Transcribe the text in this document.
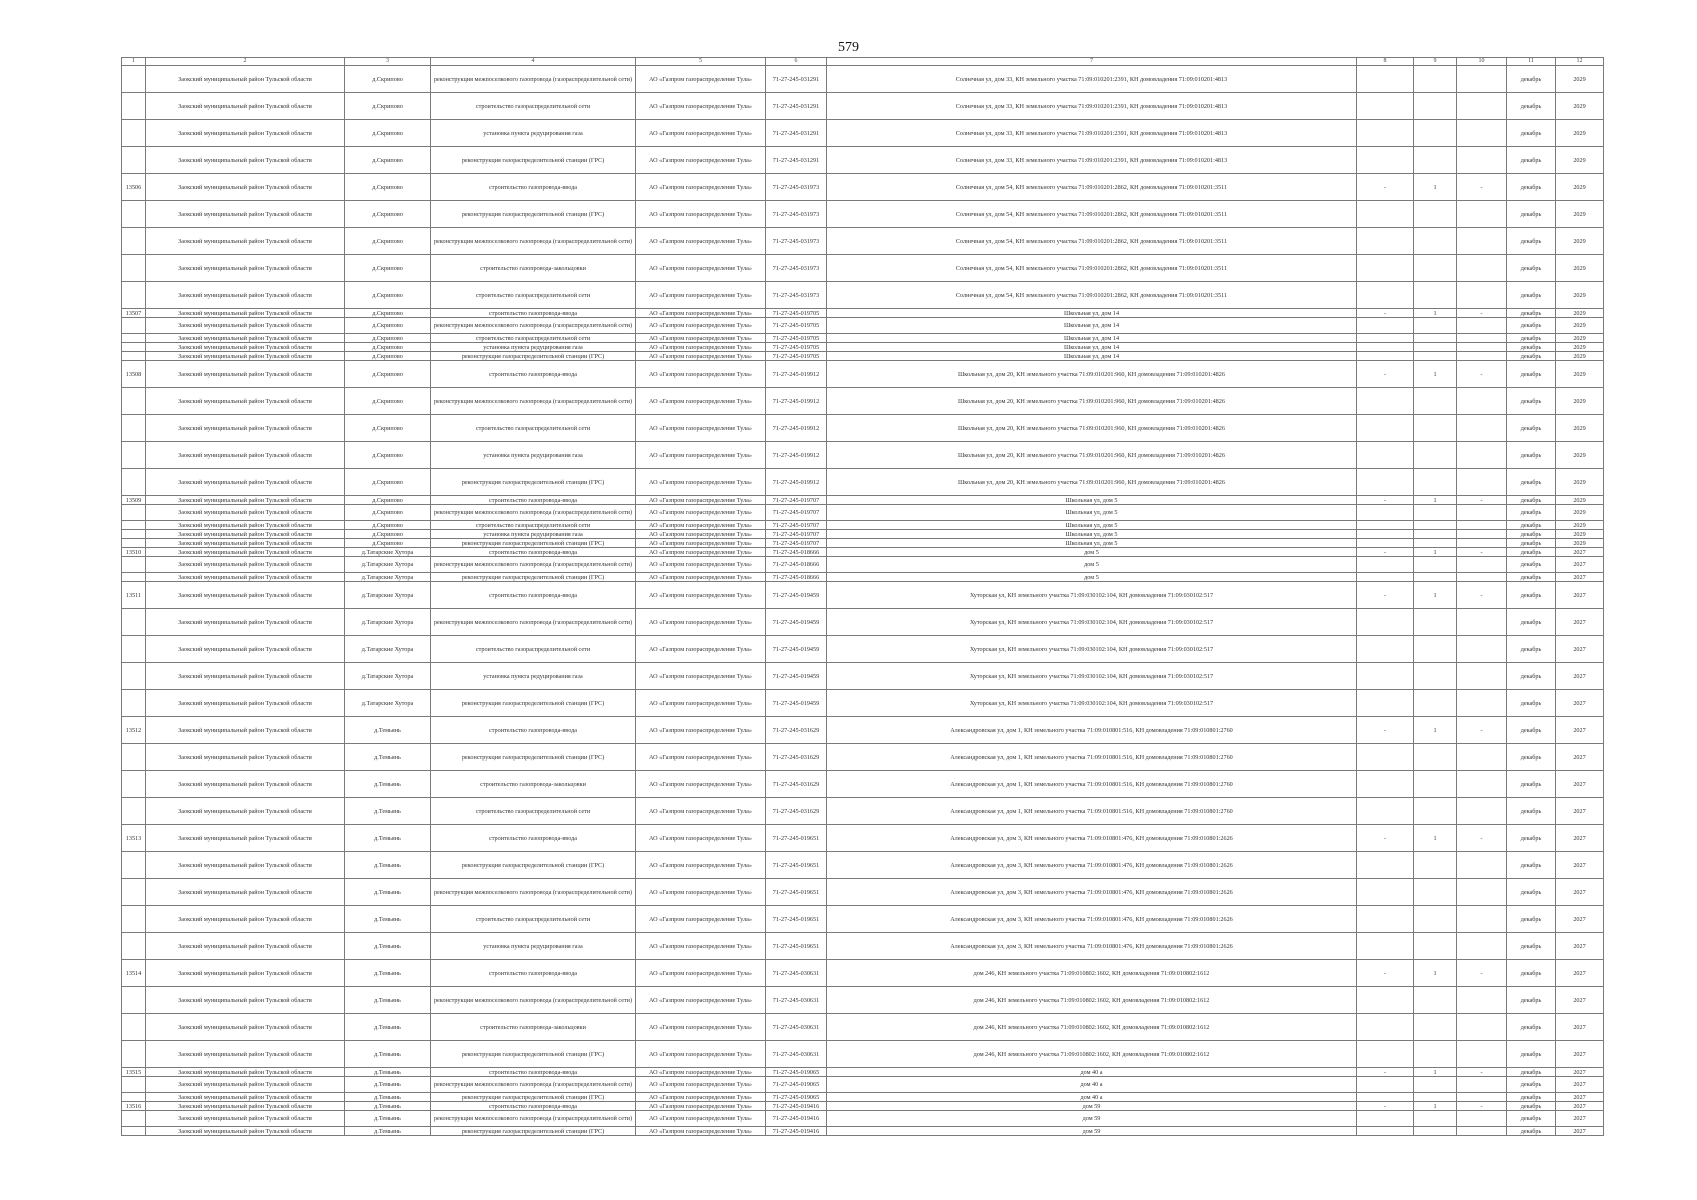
579
1	2	3	4	5	6	7	8	9	10	11	12
	Заокский муниципальный район Тульской области	д.Скрипово	реконструкция межпоселкового газопровода (газораспределительной сети)	АО «Газпром газораспределение Тула»	71-27-245-031291	Солнечная ул, дом 33, КН земельного участка 71:09:010201:2391, КН домовладения 71:09:010201:4813				декабрь	2029
	Заокский муниципальный район Тульской области	д.Скрипово	строительство газораспределительной сети	АО «Газпром газораспределение Тула»	71-27-245-031291	Солнечная ул, дом 33, КН земельного участка 71:09:010201:2391, КН домовладения 71:09:010201:4813				декабрь	2029
	Заокский муниципальный район Тульской области	д.Скрипово	установка пункта редуцирования газа	АО «Газпром газораспределение Тула»	71-27-245-031291	Солнечная ул, дом 33, КН земельного участка 71:09:010201:2391, КН домовладения 71:09:010201:4813				декабрь	2029
	Заокский муниципальный район Тульской области	д.Скрипово	реконструкция газораспределительной станции (ГРС)	АО «Газпром газораспределение Тула»	71-27-245-031291	Солнечная ул, дом 33, КН земельного участка 71:09:010201:2391, КН домовладения 71:09:010201:4813				декабрь	2029
13506	Заокский муниципальный район Тульской области	д.Скрипово	строительство газопровода-ввода	АО «Газпром газораспределение Тула»	71-27-245-031973	Солнечная ул, дом 54, КН земельного участка 71:09:010201:2862, КН домовладения 71:09:010201:3511	-	1	-	декабрь	2029
	Заокский муниципальный район Тульской области	д.Скрипово	реконструкция газораспределительной станции (ГРС)	АО «Газпром газораспределение Тула»	71-27-245-031973	Солнечная ул, дом 54, КН земельного участка 71:09:010201:2862, КН домовладения 71:09:010201:3511				декабрь	2029
	Заокский муниципальный район Тульской области	д.Скрипово	реконструкция межпоселкового газопровода (газораспределительной сети)	АО «Газпром газораспределение Тула»	71-27-245-031973	Солнечная ул, дом 54, КН земельного участка 71:09:010201:2862, КН домовладения 71:09:010201:3511				декабрь	2029
	Заокский муниципальный район Тульской области	д.Скрипово	строительство газопровода-закольцовки	АО «Газпром газораспределение Тула»	71-27-245-031973	Солнечная ул, дом 54, КН земельного участка 71:09:010201:2862, КН домовладения 71:09:010201:3511				декабрь	2029
	Заокский муниципальный район Тульской области	д.Скрипово	строительство газораспределительной сети	АО «Газпром газораспределение Тула»	71-27-245-031973	Солнечная ул, дом 54, КН земельного участка 71:09:010201:2862, КН домовладения 71:09:010201:3511				декабрь	2029
13507	Заокский муниципальный район Тульской области	д.Скрипово	строительство газопровода-ввода	АО «Газпром газораспределение Тула»	71-27-245-019705	Школьная ул, дом 14	-	1	-	декабрь	2029
	Заокский муниципальный район Тульской области	д.Скрипово	реконструкция межпоселкового газопровода (газораспределительной сети)	АО «Газпром газораспределение Тула»	71-27-245-019705	Школьная ул, дом 14				декабрь	2029
	Заокский муниципальный район Тульской области	д.Скрипово	строительство газораспределительной сети	АО «Газпром газораспределение Тула»	71-27-245-019705	Школьная ул, дом 14				декабрь	2029
	Заокский муниципальный район Тульской области	д.Скрипово	установка пункта редуцирования газа	АО «Газпром газораспределение Тула»	71-27-245-019705	Школьная ул, дом 14				декабрь	2029
	Заокский муниципальный район Тульской области	д.Скрипово	реконструкция газораспределительной станции (ГРС)	АО «Газпром газораспределение Тула»	71-27-245-019705	Школьная ул, дом 14				декабрь	2029
13508	Заокский муниципальный район Тульской области	д.Скрипово	строительство газопровода-ввода	АО «Газпром газораспределение Тула»	71-27-245-019912	Школьная ул, дом 20, КН земельного участка 71:09:010201:960, КН домовладения 71:09:010201:4826	-	1	-	декабрь	2029
	Заокский муниципальный район Тульской области	д.Скрипово	реконструкция межпоселкового газопровода (газораспределительной сети)	АО «Газпром газораспределение Тула»	71-27-245-019912	Школьная ул, дом 20, КН земельного участка 71:09:010201:960, КН домовладения 71:09:010201:4826				декабрь	2029
	Заокский муниципальный район Тульской области	д.Скрипово	строительство газораспределительной сети	АО «Газпром газораспределение Тула»	71-27-245-019912	Школьная ул, дом 20, КН земельного участка 71:09:010201:960, КН домовладения 71:09:010201:4826				декабрь	2029
	Заокский муниципальный район Тульской области	д.Скрипово	установка пункта редуцирования газа	АО «Газпром газораспределение Тула»	71-27-245-019912	Школьная ул, дом 20, КН земельного участка 71:09:010201:960, КН домовладения 71:09:010201:4826				декабрь	2029
	Заокский муниципальный район Тульской области	д.Скрипово	реконструкция газораспределительной станции (ГРС)	АО «Газпром газораспределение Тула»	71-27-245-019912	Школьная ул, дом 20, КН земельного участка 71:09:010201:960, КН домовладения 71:09:010201:4826				декабрь	2029
13509	Заокский муниципальный район Тульской области	д.Скрипово	строительство газопровода-ввода	АО «Газпром газораспределение Тула»	71-27-245-019707	Школьная ул, дом 5	-	1	-	декабрь	2029
	Заокский муниципальный район Тульской области	д.Скрипово	реконструкция межпоселкового газопровода (газораспределительной сети)	АО «Газпром газораспределение Тула»	71-27-245-019707	Школьная ул, дом 5				декабрь	2029
	Заокский муниципальный район Тульской области	д.Скрипово	строительство газораспределительной сети	АО «Газпром газораспределение Тула»	71-27-245-019707	Школьная ул, дом 5				декабрь	2029
	Заокский муниципальный район Тульской области	д.Скрипово	установка пункта редуцирования газа	АО «Газпром газораспределение Тула»	71-27-245-019707	Школьная ул, дом 5				декабрь	2029
	Заокский муниципальный район Тульской области	д.Скрипово	реконструкция газораспределительной станции (ГРС)	АО «Газпром газораспределение Тула»	71-27-245-019707	Школьная ул, дом 5				декабрь	2029
13510	Заокский муниципальный район Тульской области	д.Татарские Хутора	строительство газопровода-ввода	АО «Газпром газораспределение Тула»	71-27-245-018666	дом 5	-	1	-	декабрь	2027
	Заокский муниципальный район Тульской области	д.Татарские Хутора	реконструкция межпоселкового газопровода (газораспределительной сети)	АО «Газпром газораспределение Тула»	71-27-245-018666	дом 5				декабрь	2027
	Заокский муниципальный район Тульской области	д.Татарские Хутора	реконструкция газораспределительной станции (ГРС)	АО «Газпром газораспределение Тула»	71-27-245-018666	дом 5				декабрь	2027
13511	Заокский муниципальный район Тульской области	д.Татарские Хутора	строительство газопровода-ввода	АО «Газпром газораспределение Тула»	71-27-245-019459	Хуторская ул, КН земельного участка 71:09:030102:104, КН домовладения 71:09:030102:517	-	1	-	декабрь	2027
	Заокский муниципальный район Тульской области	д.Татарские Хутора	реконструкция межпоселкового газопровода (газораспределительной сети)	АО «Газпром газораспределение Тула»	71-27-245-019459	Хуторская ул, КН земельного участка 71:09:030102:104, КН домовладения 71:09:030102:517				декабрь	2027
	Заокский муниципальный район Тульской области	д.Татарские Хутора	строительство газораспределительной сети	АО «Газпром газораспределение Тула»	71-27-245-019459	Хуторская ул, КН земельного участка 71:09:030102:104, КН домовладения 71:09:030102:517				декабрь	2027
	Заокский муниципальный район Тульской области	д.Татарские Хутора	установка пункта редуцирования газа	АО «Газпром газораспределение Тула»	71-27-245-019459	Хуторская ул, КН земельного участка 71:09:030102:104, КН домовладения 71:09:030102:517				декабрь	2027
	Заокский муниципальный район Тульской области	д.Татарские Хутора	реконструкция газораспределительной станции (ГРС)	АО «Газпром газораспределение Тула»	71-27-245-019459	Хуторская ул, КН земельного участка 71:09:030102:104, КН домовладения 71:09:030102:517				декабрь	2027
13512	Заокский муниципальный район Тульской области	д.Темьянь	строительство газопровода-ввода	АО «Газпром газораспределение Тула»	71-27-245-031629	Александровская ул, дом 1, КН земельного участка 71:09:010801:516, КН домовладения 71:09:010801:2760	-	1	-	декабрь	2027
	Заокский муниципальный район Тульской области	д.Темьянь	реконструкция газораспределительной станции (ГРС)	АО «Газпром газораспределение Тула»	71-27-245-031629	Александровская ул, дом 1, КН земельного участка 71:09:010801:516, КН домовладения 71:09:010801:2760				декабрь	2027
	Заокский муниципальный район Тульской области	д.Темьянь	строительство газопровода-закольцовки	АО «Газпром газораспределение Тула»	71-27-245-031629	Александровская ул, дом 1, КН земельного участка 71:09:010801:516, КН домовладения 71:09:010801:2760				декабрь	2027
	Заокский муниципальный район Тульской области	д.Темьянь	строительство газораспределительной сети	АО «Газпром газораспределение Тула»	71-27-245-031629	Александровская ул, дом 1, КН земельного участка 71:09:010801:516, КН домовладения 71:09:010801:2760				декабрь	2027
13513	Заокский муниципальный район Тульской области	д.Темьянь	строительство газопровода-ввода	АО «Газпром газораспределение Тула»	71-27-245-019651	Александровская ул, дом 3, КН земельного участка 71:09:010801:476, КН домовладения 71:09:010801:2626	-	1	-	декабрь	2027
	Заокский муниципальный район Тульской области	д.Темьянь	реконструкция газораспределительной станции (ГРС)	АО «Газпром газораспределение Тула»	71-27-245-019651	Александровская ул, дом 3, КН земельного участка 71:09:010801:476, КН домовладения 71:09:010801:2626				декабрь	2027
	Заокский муниципальный район Тульской области	д.Темьянь	реконструкция межпоселкового газопровода (газораспределительной сети)	АО «Газпром газораспределение Тула»	71-27-245-019651	Александровская ул, дом 3, КН земельного участка 71:09:010801:476, КН домовладения 71:09:010801:2626				декабрь	2027
	Заокский муниципальный район Тульской области	д.Темьянь	строительство газораспределительной сети	АО «Газпром газораспределение Тула»	71-27-245-019651	Александровская ул, дом 3, КН земельного участка 71:09:010801:476, КН домовладения 71:09:010801:2626				декабрь	2027
	Заокский муниципальный район Тульской области	д.Темьянь	установка пункта редуцирования газа	АО «Газпром газораспределение Тула»	71-27-245-019651	Александровская ул, дом 3, КН земельного участка 71:09:010801:476, КН домовладения 71:09:010801:2626				декабрь	2027
13514	Заокский муниципальный район Тульской области	д.Темьянь	строительство газопровода-ввода	АО «Газпром газораспределение Тула»	71-27-245-030631	дом 246, КН земельного участка 71:09:010802:1602, КН домовладения 71:09:010802:1612	-	1	-	декабрь	2027
	Заокский муниципальный район Тульской области	д.Темьянь	реконструкция межпоселкового газопровода (газораспределительной сети)	АО «Газпром газораспределение Тула»	71-27-245-030631	дом 246, КН земельного участка 71:09:010802:1602, КН домовладения 71:09:010802:1612				декабрь	2027
	Заокский муниципальный район Тульской области	д.Темьянь	строительство газопровода-закольцовки	АО «Газпром газораспределение Тула»	71-27-245-030631	дом 246, КН земельного участка 71:09:010802:1602, КН домовладения 71:09:010802:1612				декабрь	2027
	Заокский муниципальный район Тульской области	д.Темьянь	реконструкция газораспределительной станции (ГРС)	АО «Газпром газораспределение Тула»	71-27-245-030631	дом 246, КН земельного участка 71:09:010802:1602, КН домовладения 71:09:010802:1612				декабрь	2027
13515	Заокский муниципальный район Тульской области	д.Темьянь	строительство газопровода-ввода	АО «Газпром газораспределение Тула»	71-27-245-019065	дом 40 а	-	1	-	декабрь	2027
	Заокский муниципальный район Тульской области	д.Темьянь	реконструкция межпоселкового газопровода (газораспределительной сети)	АО «Газпром газораспределение Тула»	71-27-245-019065	дом 40 а				декабрь	2027
	Заокский муниципальный район Тульской области	д.Темьянь	реконструкция газораспределительной станции (ГРС)	АО «Газпром газораспределение Тула»	71-27-245-019065	дом 40 а				декабрь	2027
13516	Заокский муниципальный район Тульской области	д.Темьянь	строительство газопровода-ввода	АО «Газпром газораспределение Тула»	71-27-245-019416	дом 59	-	1	-	декабрь	2027
	Заокский муниципальный район Тульской области	д.Темьянь	реконструкция межпоселкового газопровода (газораспределительной сети)	АО «Газпром газораспределение Тула»	71-27-245-019416	дом 59				декабрь	2027
	Заокский муниципальный район Тульской области	д.Темьянь	реконструкция газораспределительной станции (ГРС)	АО «Газпром газораспределение Тула»	71-27-245-019416	дом 59				декабрь	2027
